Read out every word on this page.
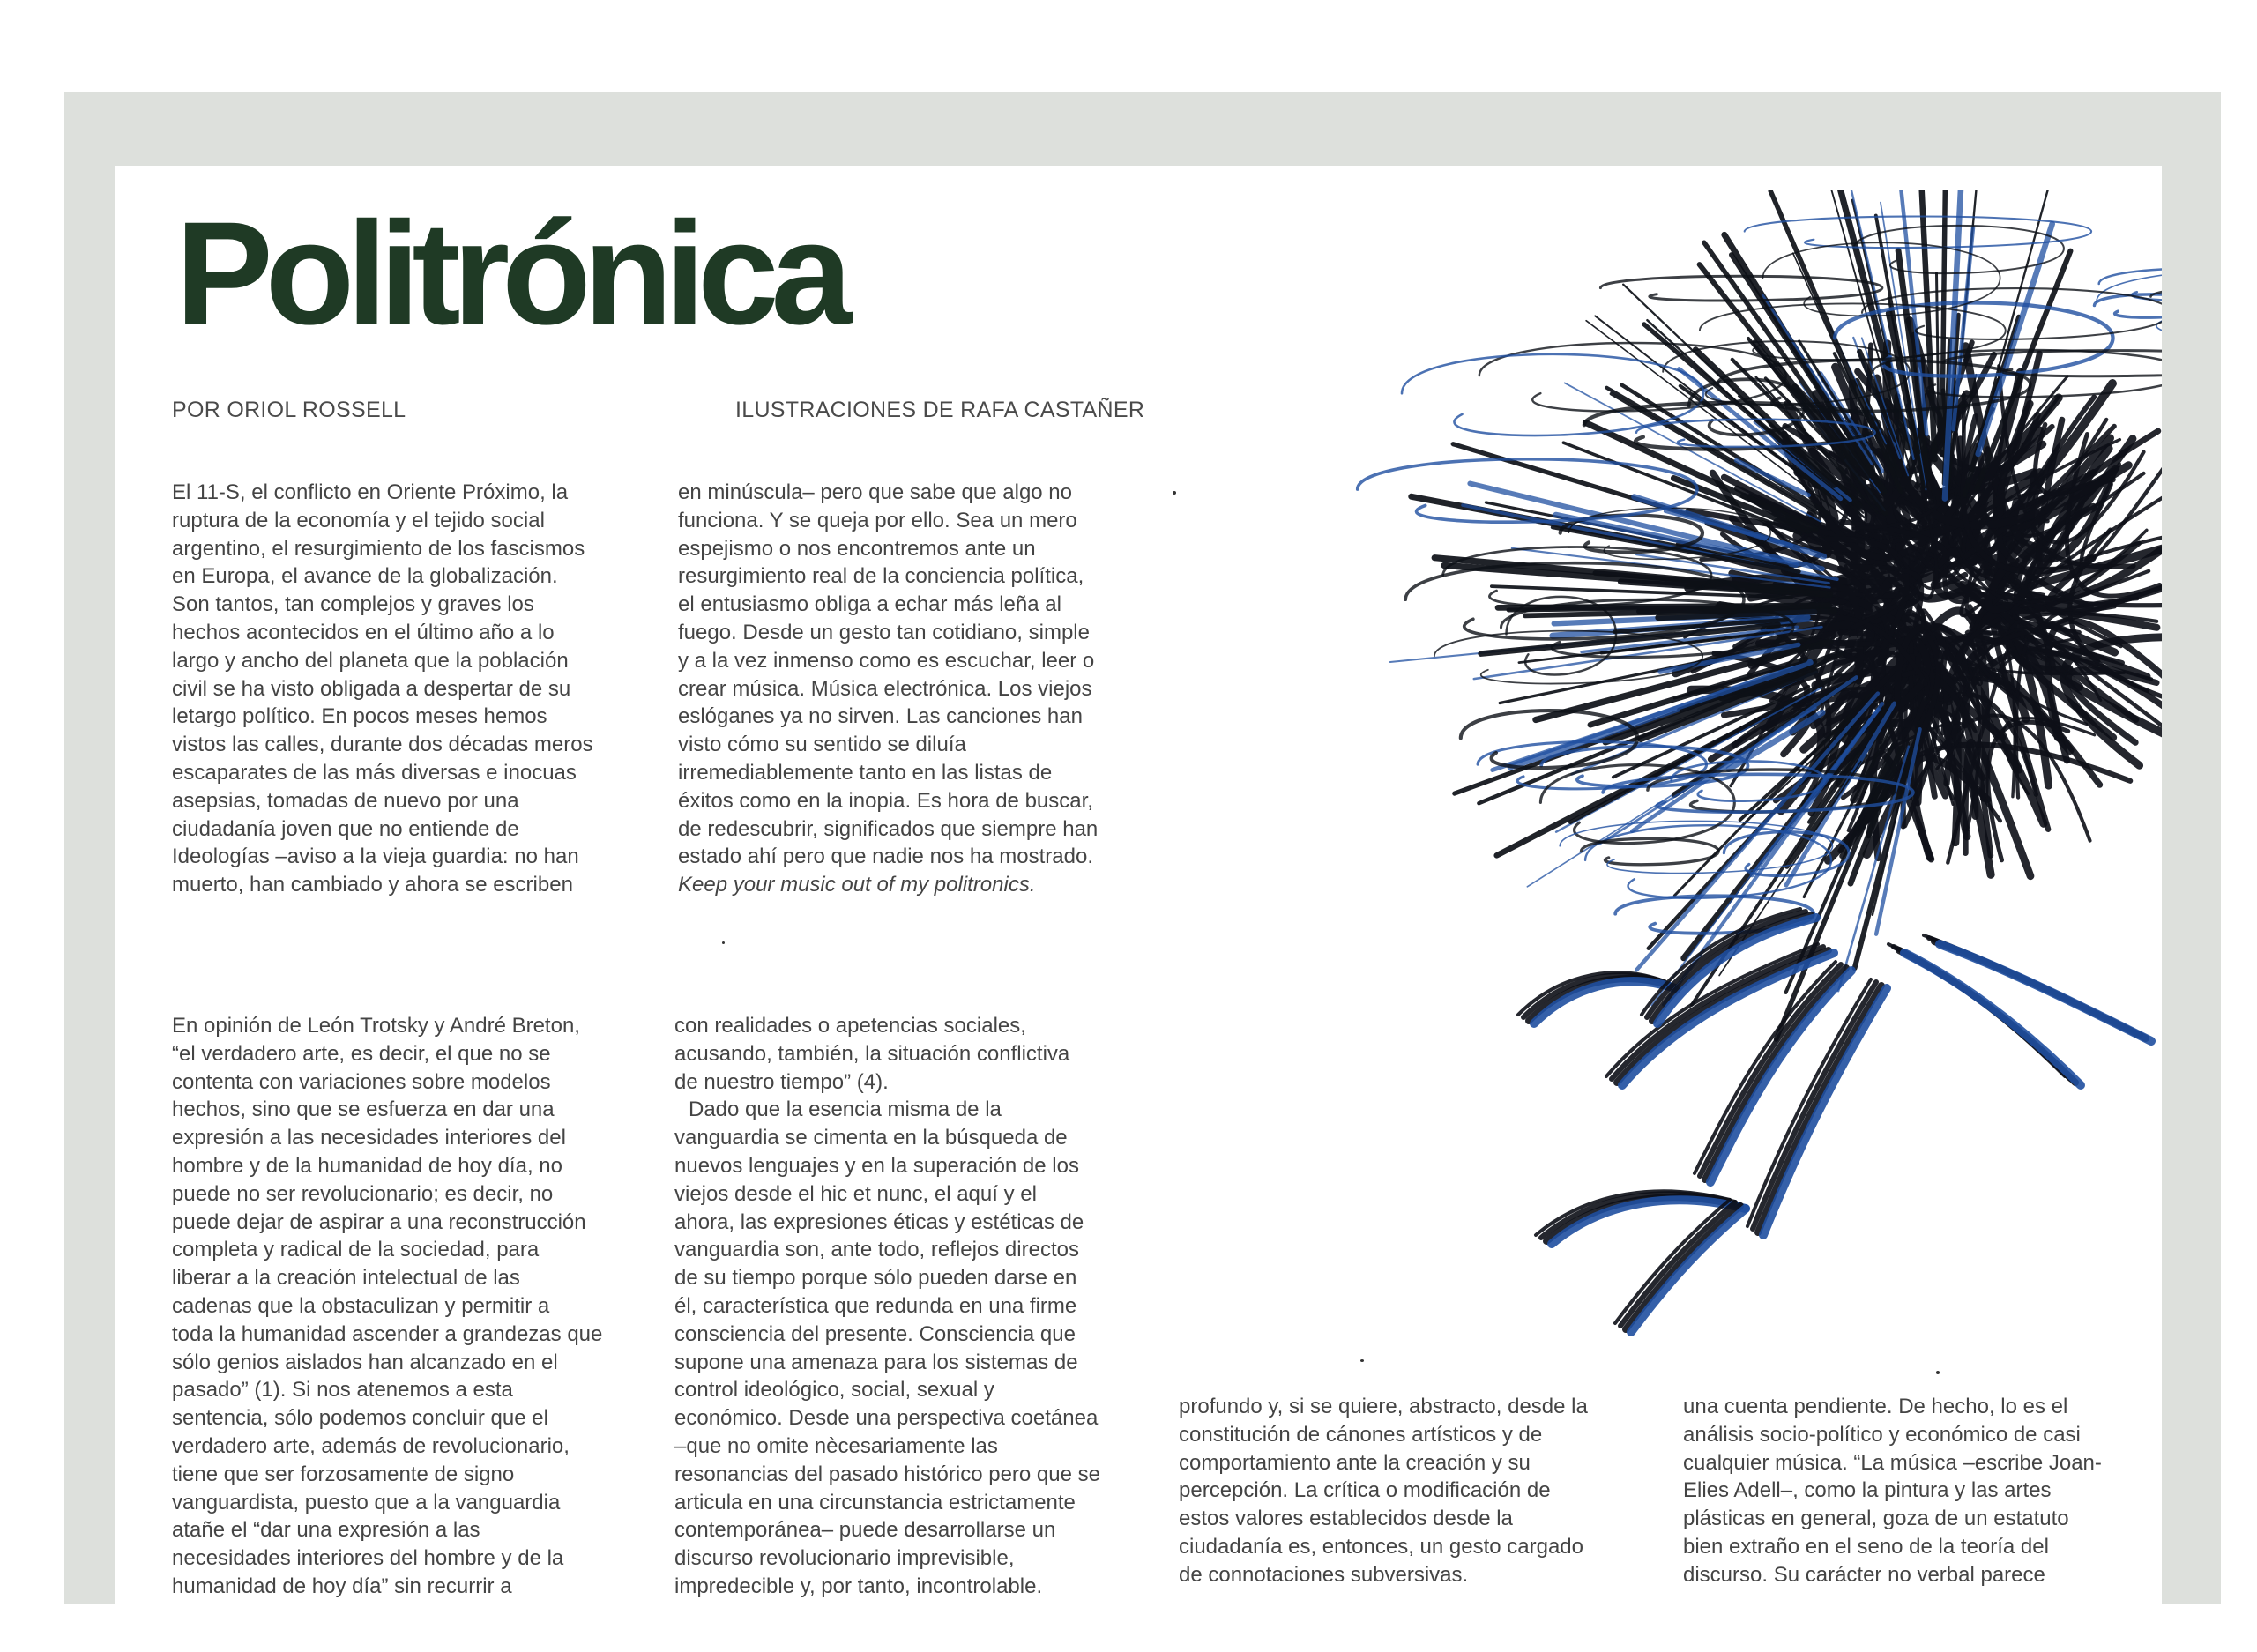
Politrónica
POR ORIOL ROSSELL	ILUSTRACIONES DE RAFA CASTAÑER

El 11-S, el conflicto en Oriente Próximo, la

ruptura de la economía y el tejido social

argentino, el resurgimiento de los fascismos

en Europa, el avance de la globalización.

Son tantos, tan complejos y graves los

hechos acontecidos en el último año a lo

largo y ancho del planeta que la población

civil se ha visto obligada a despertar de su

letargo político. En pocos meses hemos

vistos las calles, durante dos décadas meros

escaparates de las más diversas e inocuas

asepsias, tomadas de nuevo por una

ciudadanía joven que no entiende de

Ideologías –aviso a la vieja guardia: no han

muerto, han cambiado y ahora se escriben

en minúscula– pero que sabe que algo no

funciona. Y se queja por ello. Sea un mero

espejismo o nos encontremos ante un

resurgimiento real de la conciencia política,

el entusiasmo obliga a echar más leña al

fuego. Desde un gesto tan cotidiano, simple

y a la vez inmenso como es escuchar, leer o

crear música. Música electrónica. Los viejos

eslóganes ya no sirven. Las canciones han

visto cómo su sentido se diluía

irremediablemente tanto en las listas de

éxitos como en la inopia. Es hora de buscar,

de redescubrir, significados que siempre han

estado ahí pero que nadie nos ha mostrado.

Keep your music out of my politronics.

En opinión de León Trotsky y André Breton,

“el verdadero arte, es decir, el que no se

contenta con variaciones sobre modelos

hechos, sino que se esfuerza en dar una

expresión a las necesidades interiores del

hombre y de la humanidad de hoy día, no

puede no ser revolucionario; es decir, no

puede dejar de aspirar a una reconstrucción

completa y radical de la sociedad, para

liberar a la creación intelectual de las

cadenas que la obstaculizan y permitir a

toda la humanidad ascender a grandezas que

sólo genios aislados han alcanzado en el

pasado” (1). Si nos atenemos a esta

sentencia, sólo podemos concluir que el

verdadero arte, además de revolucionario,

tiene que ser forzosamente de signo

vanguardista, puesto que a la vanguardia

atañe el “dar una expresión a las

necesidades interiores del hombre y de la

humanidad de hoy día” sin recurrir a

con realidades o apetencias sociales,

acusando, también, la situación conflictiva

de nuestro tiempo” (4).

Dado que la esencia misma de la

vanguardia se cimenta en la búsqueda de

nuevos lenguajes y en la superación de los

viejos desde el hic et nunc, el aquí y el

ahora, las expresiones éticas y estéticas de

vanguardia son, ante todo, reflejos directos

de su tiempo porque sólo pueden darse en

él, característica que redunda en una firme

consciencia del presente. Consciencia que

supone una amenaza para los sistemas de

control ideológico, social, sexual y

económico. Desde una perspectiva coetánea

–que no omite nècesariamente las

resonancias del pasado histórico pero que se

articula en una circunstancia estrictamente

contemporánea– puede desarrollarse un

discurso revolucionario imprevisible,

impredecible y, por tanto, incontrolable.

profundo y, si se quiere, abstracto, desde la

constitución de cánones artísticos y de

comportamiento ante la creación y su

percepción. La crítica o modificación de

estos valores establecidos desde la

ciudadanía es, entonces, un gesto cargado

de connotaciones subversivas.

una cuenta pendiente. De hecho, lo es el

análisis socio-político y económico de casi

cualquier música. “La música –escribe Joan-

Elies Adell–, como la pintura y las artes

plásticas en general, goza de un estatuto

bien extraño en el seno de la teoría del

discurso. Su carácter no verbal parece
